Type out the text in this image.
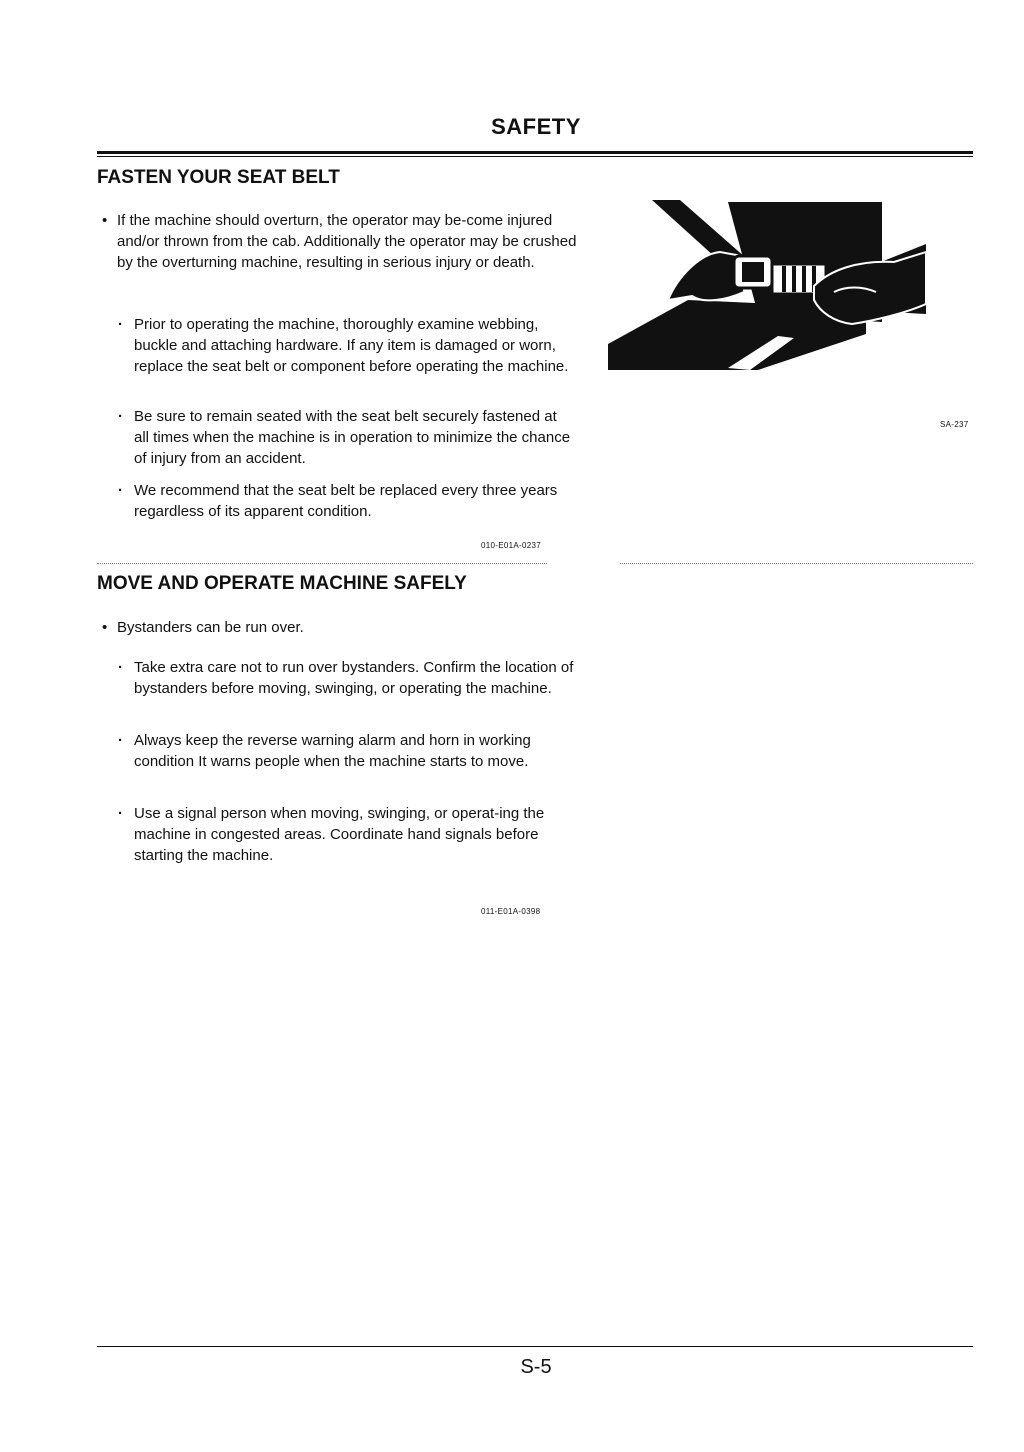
SAFETY
FASTEN YOUR SEAT BELT
• If the machine should overturn, the operator may be-come injured and/or thrown from the cab. Additionally the operator may be crushed by the overturning machine, resulting in serious injury or death.
· Prior to operating the machine, thoroughly examine webbing, buckle and attaching hardware. If any item is damaged or worn, replace the seat belt or component before operating the machine.
· Be sure to remain seated with the seat belt securely fastened at all times when the machine is in operation to minimize the chance of injury from an accident.
· We recommend that the seat belt be replaced every three years regardless of its apparent condition.
010-E01A-0237
SA-237
MOVE AND OPERATE MACHINE SAFELY
• Bystanders can be run over.
· Take extra care not to run over bystanders. Confirm the location of bystanders before moving, swinging, or operating the machine.
· Always keep the reverse warning alarm and horn in working condition It warns people when the machine starts to move.
· Use a signal person when moving, swinging, or operat-ing the machine in congested areas. Coordinate hand signals before starting the machine.
011-E01A-0398
S-5
